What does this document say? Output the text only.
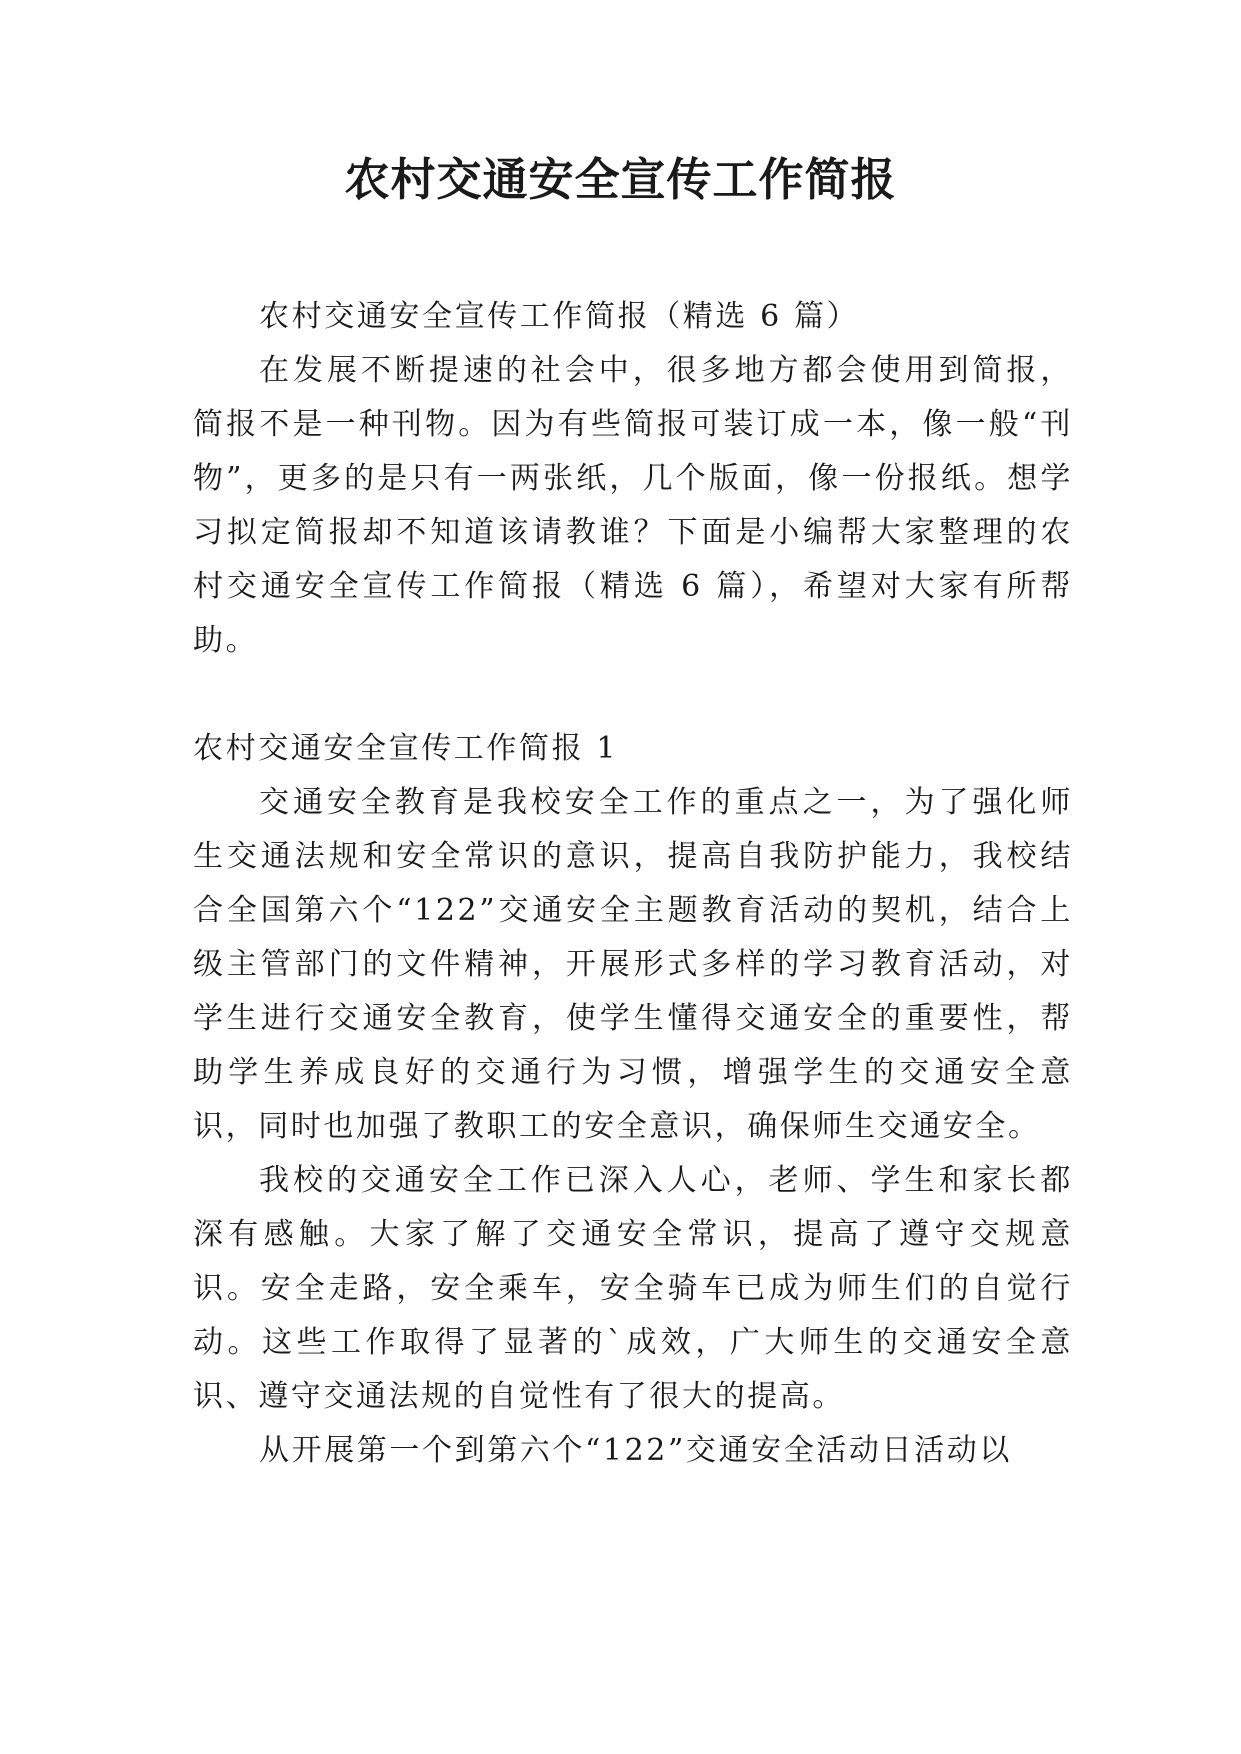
农村交通安全宣传工作简报

农村交通安全宣传工作简报（精选 6 篇）

在发展不断提速的社会中，很多地方都会使用到简报，简报不是一种刊物。因为有些简报可装订成一本，像一般“刊物”，更多的是只有一两张纸，几个版面，像一份报纸。想学习拟定简报却不知道该请教谁？下面是小编帮大家整理的农村交通安全宣传工作简报（精选 6 篇），希望对大家有所帮助。

农村交通安全宣传工作简报 1

交通安全教育是我校安全工作的重点之一，为了强化师生交通法规和安全常识的意识，提高自我防护能力，我校结合全国第六个“122”交通安全主题教育活动的契机，结合上级主管部门的文件精神，开展形式多样的学习教育活动，对学生进行交通安全教育，使学生懂得交通安全的重要性，帮助学生养成良好的交通行为习惯，增强学生的交通安全意识，同时也加强了教职工的安全意识，确保师生交通安全。

我校的交通安全工作已深入人心，老师、学生和家长都深有感触。大家了解了交通安全常识，提高了遵守交规意识。安全走路，安全乘车，安全骑车已成为师生们的自觉行动。这些工作取得了显著的`成效，广大师生的交通安全意识、遵守交通法规的自觉性有了很大的提高。

从开展第一个到第六个“122”交通安全活动日活动以
